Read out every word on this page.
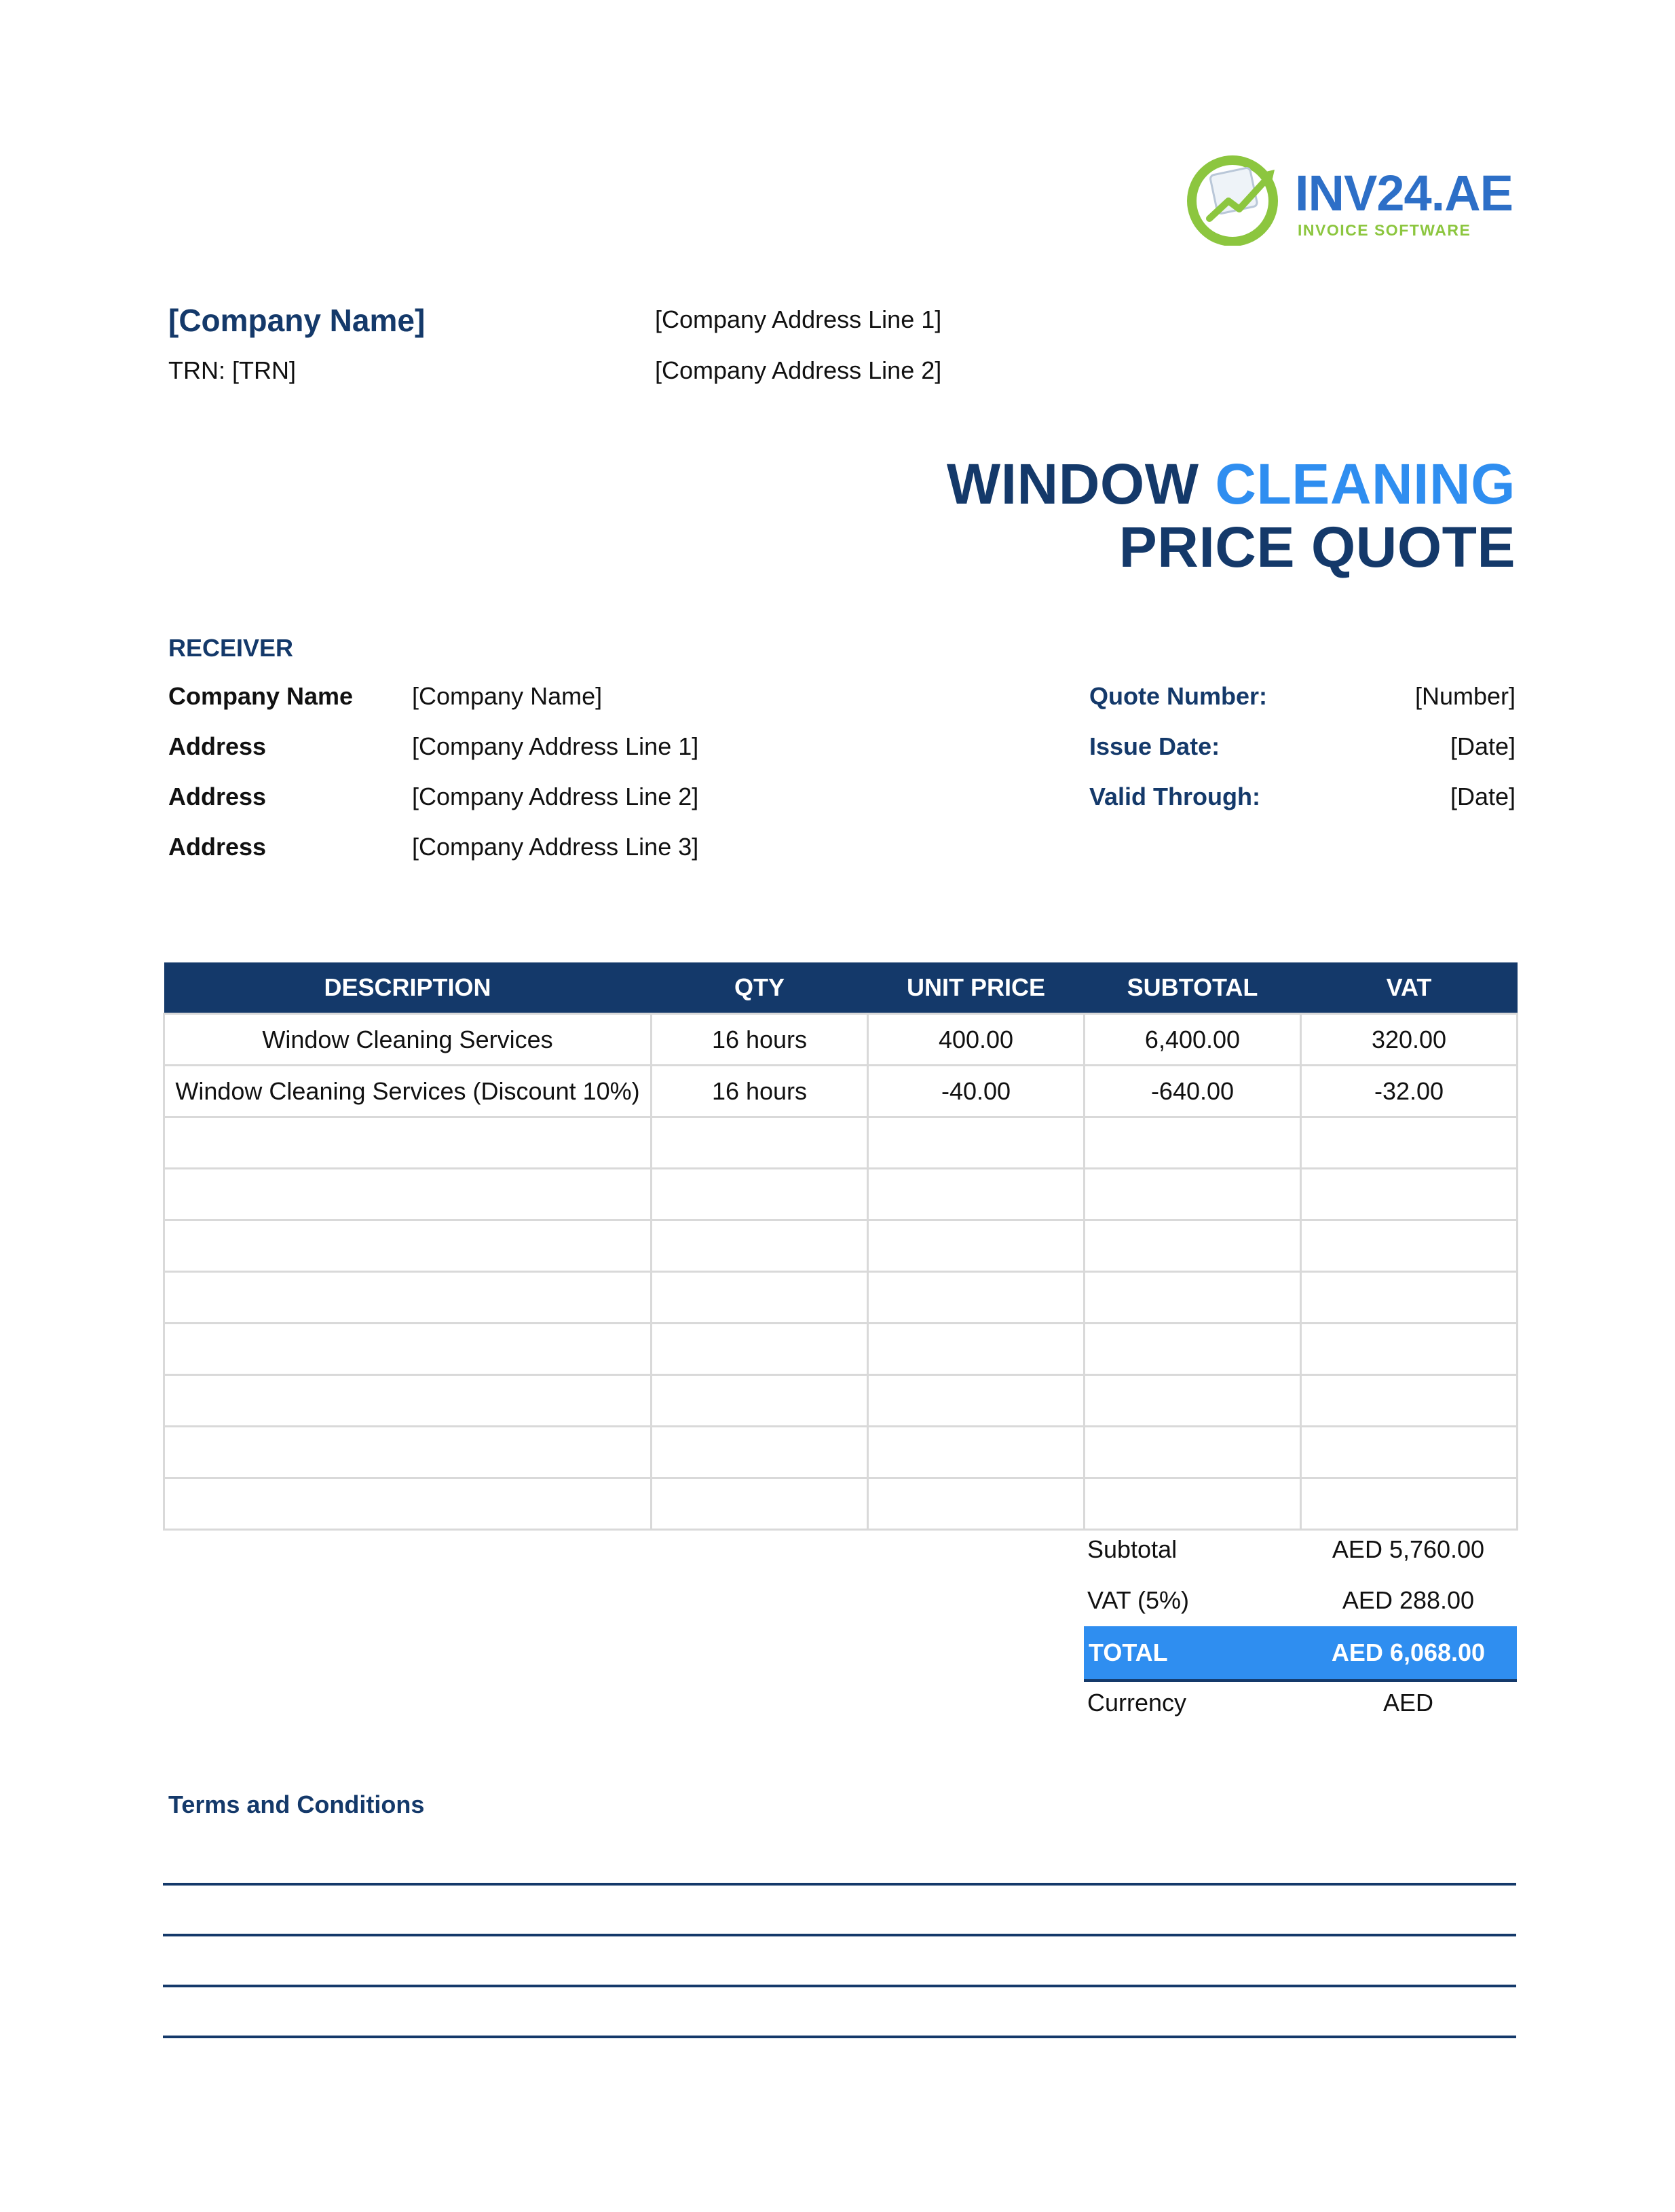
INV24.AE
INVOICE SOFTWARE
[Company Name]
TRN: [TRN]
[Company Address Line 1]
[Company Address Line 2]
WINDOW CLEANING
PRICE QUOTE
RECEIVER
Company Name [Company Name]
Address	[Company Address Line 1]
Address	[Company Address Line 2]
Address	[Company Address Line 3]
Quote Number:	[Number]
Issue Date:	[Date]
Valid Through:	[Date]
DESCRIPTION	QTY	UNIT PRICE	SUBTOTAL	VAT
Window Cleaning Services	16 hours	400.00	6,400.00	320.00
Window Cleaning Services (Discount 10%)	16 hours	-40.00	-640.00	-32.00

Subtotal	AED 5,760.00
VAT (5%)	AED 288.00
TOTAL	AED 6,068.00
Currency	AED
Terms and Conditions
